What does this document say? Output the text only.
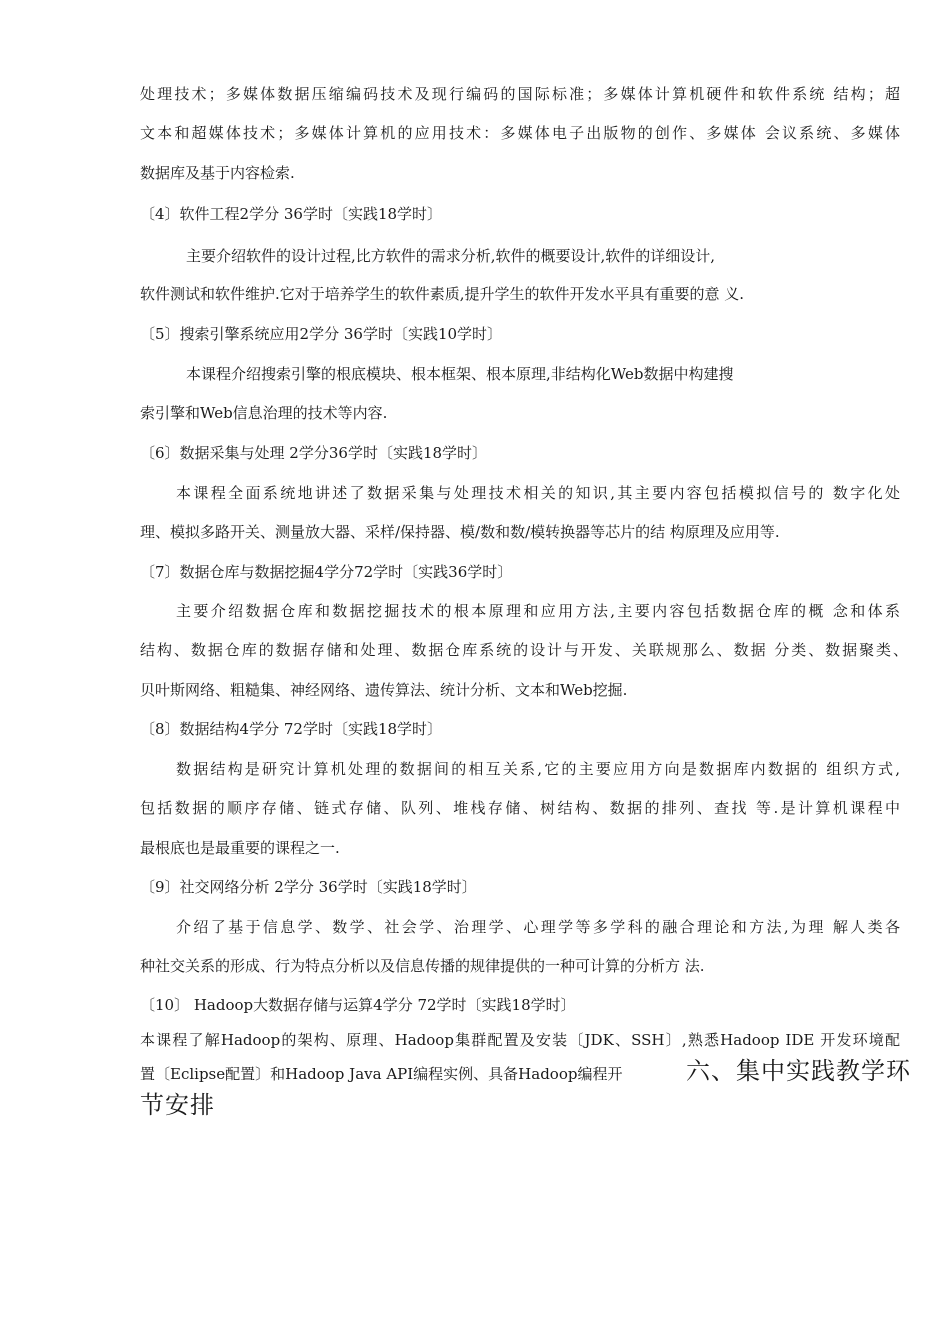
处理技术；多媒体数据压缩编码技术及现行编码的国际标准；多媒体计算机硬件和软件系统 结构；超
文本和超媒体技术；多媒体计算机的应用技术：多媒体电子出版物的创作、多媒体 会议系统、多媒体
数据库及基于内容检索.
〔4〕软件工程2学分 36学时〔实践18学时〕
主要介绍软件的设计过程,比方软件的需求分析,软件的概要设计,软件的详细设计,
软件测试和软件维护.它对于培养学生的软件素质,提升学生的软件开发水平具有重要的意 义.
〔5〕搜索引擎系统应用2学分 36学时〔实践10学时〕
本课程介绍搜索引擎的根底模块、根本框架、根本原理,非结构化Web数据中构建搜
索引擎和Web信息治理的技术等内容.
〔6〕数据采集与处理 2学分36学时〔实践18学时〕
本课程全面系统地讲述了数据采集与处理技术相关的知识,其主要内容包括模拟信号的 数字化处
理、模拟多路开关、测量放大器、采样/保持器、模/数和数/模转换器等芯片的结 构原理及应用等.
〔7〕数据仓库与数据挖掘4学分72学时〔实践36学时〕
主要介绍数据仓库和数据挖掘技术的根本原理和应用方法,主要内容包括数据仓库的概 念和体系
结构、数据仓库的数据存储和处理、数据仓库系统的设计与开发、关联规那么、数据 分类、数据聚类、
贝叶斯网络、粗糙集、神经网络、遗传算法、统计分析、文本和Web挖掘.
〔8〕数据结构4学分 72学时〔实践18学时〕
数据结构是研究计算机处理的数据间的相互关系,它的主要应用方向是数据库内数据的 组织方式,
包括数据的顺序存储、链式存储、队列、堆栈存储、树结构、数据的排列、查找 等.是计算机课程中
最根底也是最重要的课程之一.
〔9〕社交网络分析 2学分 36学时〔实践18学时〕
介绍了基于信息学、数学、社会学、治理学、心理学等多学科的融合理论和方法,为理 解人类各
种社交关系的形成、行为特点分析以及信息传播的规律提供的一种可计算的分析方 法.
〔10〕 Hadoop大数据存储与运算4学分 72学时〔实践18学时〕
本课程了解Hadoop的架构、原理、Hadoop集群配置及安装〔JDK、SSH〕,熟悉Hadoop IDE 开发环境配
置〔Eclipse配置〕和Hadoop Java API编程实例、具备Hadoop编程开	六、集中实践教学环
节安排
